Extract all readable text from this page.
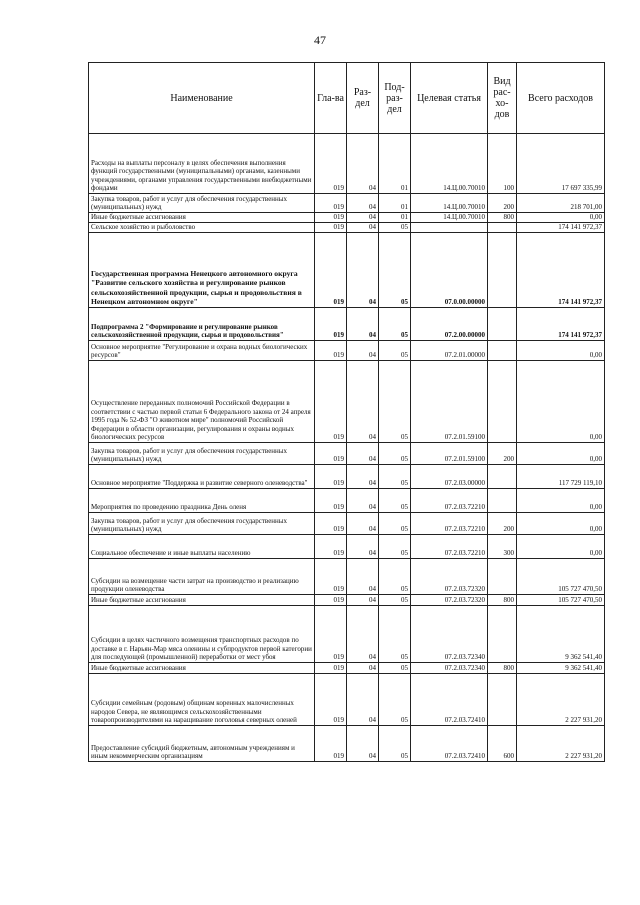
47
Наименование	Гла-ва	Раз-дел	Под-раз-дел	Целевая статья	Вид рас-хо-дов	Всего расходов
Расходы на выплаты персоналу в целях обеспечения выполнения функций государственными (муниципальными) органами, казенными учреждениями, органами управления государственными внебюджетными фондами	019	04	01	14.Ц.00.70010	100	17 697 335,99
Закупка товаров, работ и услуг для обеспечения государственных (муниципальных) нужд	019	04	01	14.Ц.00.70010	200	218 701,00
Иные бюджетные ассигнования	019	04	01	14.Ц.00.70010	800	0,00
Сельское хозяйство и рыболовство	019	04	05			174 141 972,37
Государственная программа Ненецкого автономного округа "Развитие сельского хозяйства и регулирование рынков сельскохозяйственной продукции, сырья и продовольствия в Ненецком автономном округе"	019	04	05	07.0.00.00000		174 141 972,37
Подпрограмма 2 "Формирование и регулирование рынков сельскохозяйственной продукции, сырья и продовольствия"	019	04	05	07.2.00.00000		174 141 972,37
Основное мероприятие "Регулирование и охрана водных биологических ресурсов"	019	04	05	07.2.01.00000		0,00
Осуществление переданных полномочий Российской Федерации в соответствии с частью первой статьи 6 Федерального закона от 24 апреля 1995 года № 52-ФЗ "О животном мире" полномочий Российской Федерации в области организации, регулирования и охраны водных биологических ресурсов	019	04	05	07.2.01.59100		0,00
Закупка товаров, работ и услуг для обеспечения государственных (муниципальных) нужд	019	04	05	07.2.01.59100	200	0,00
Основное мероприятие "Поддержка и развитие северного оленеводства"	019	04	05	07.2.03.00000		117 729 119,10
Мероприятия по проведению праздника День оленя	019	04	05	07.2.03.72210		0,00
Закупка товаров, работ и услуг для обеспечения государственных (муниципальных) нужд	019	04	05	07.2.03.72210	200	0,00
Социальное обеспечение и иные выплаты населению	019	04	05	07.2.03.72210	300	0,00
Субсидии на возмещение части затрат на производство и реализацию продукции оленеводства	019	04	05	07.2.03.72320		105 727 470,50
Иные бюджетные ассигнования	019	04	05	07.2.03.72320	800	105 727 470,50
Субсидии в целях частичного возмещения транспортных расходов по доставке в г. Нарьян-Мар мяса оленины и субпродуктов первой категории для последующей (промышленной) переработки от мест убоя	019	04	05	07.2.03.72340		9 362 541,40
Иные бюджетные ассигнования	019	04	05	07.2.03.72340	800	9 362 541,40
Субсидии семейным (родовым) общинам коренных малочисленных народов Севера, не являющимся сельскохозяйственными товаропроизводителями на наращивание поголовья северных оленей	019	04	05	07.2.03.72410		2 227 931,20
Предоставление субсидий бюджетным, автономным учреждениям и иным некоммерческим организациям	019	04	05	07.2.03.72410	600	2 227 931,20
